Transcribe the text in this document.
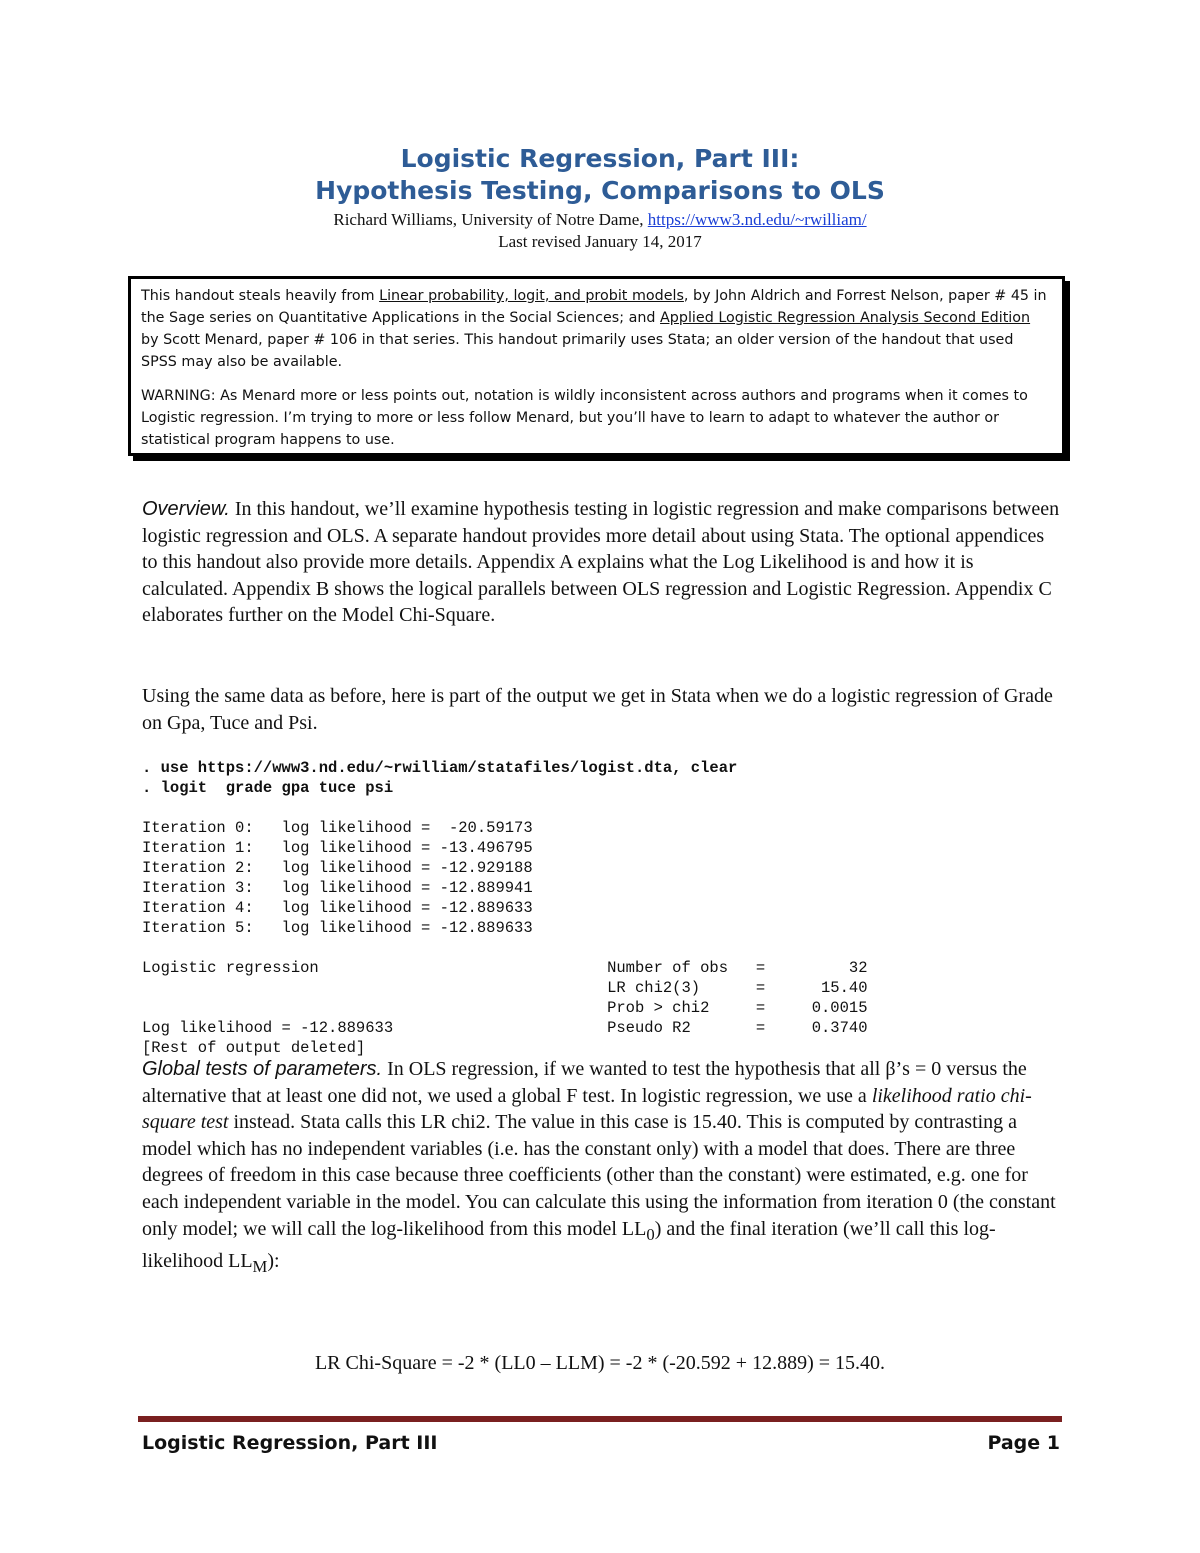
Logistic Regression, Part III:
Hypothesis Testing, Comparisons to OLS
Richard Williams, University of Notre Dame, https://www3.nd.edu/~rwilliam/
Last revised January 14, 2017

This handout steals heavily from Linear probability, logit, and probit models, by John Aldrich and Forrest Nelson, paper # 45 in the Sage series on Quantitative Applications in the Social Sciences; and Applied Logistic Regression Analysis Second Edition by Scott Menard, paper # 106 in that series. This handout primarily uses Stata; an older version of the handout that used SPSS may also be available.

WARNING: As Menard more or less points out, notation is wildly inconsistent across authors and programs when it comes to Logistic regression. I’m trying to more or less follow Menard, but you’ll have to learn to adapt to whatever the author or statistical program happens to use.

Overview. In this handout, we’ll examine hypothesis testing in logistic regression and make comparisons between logistic regression and OLS. A separate handout provides more detail about using Stata. The optional appendices to this handout also provide more details. Appendix A explains what the Log Likelihood is and how it is calculated. Appendix B shows the logical parallels between OLS regression and Logistic Regression. Appendix C elaborates further on the Model Chi-Square.

Using the same data as before, here is part of the output we get in Stata when we do a logistic regression of Grade on Gpa, Tuce and Psi.

. use https://www3.nd.edu/~rwilliam/statafiles/logist.dta, clear
. logit  grade gpa tuce psi
Iteration 0:   log likelihood =  -20.59173
Iteration 1:   log likelihood = -13.496795
Iteration 2:   log likelihood = -12.929188
Iteration 3:   log likelihood = -12.889941
Iteration 4:   log likelihood = -12.889633
Iteration 5:   log likelihood = -12.889633
Logistic regression                               Number of obs   =         32
LR chi2(3)      =      15.40
Prob > chi2     =     0.0015
Log likelihood = -12.889633                       Pseudo R2       =     0.3740
[Rest of output deleted]

Global tests of parameters. In OLS regression, if we wanted to test the hypothesis that all β’s = 0 versus the alternative that at least one did not, we used a global F test. In logistic regression, we use a likelihood ratio chi-square test instead. Stata calls this LR chi2. The value in this case is 15.40. This is computed by contrasting a model which has no independent variables (i.e. has the constant only) with a model that does. There are three degrees of freedom in this case because three coefficients (other than the constant) were estimated, e.g. one for each independent variable in the model. You can calculate this using the information from iteration 0 (the constant only model; we will call the log-likelihood from this model $LL_0$) and the final iteration (we’ll call this log-likelihood $LL_M$):

LR Chi-Square = -2 * (LL0 – LLM) = -2 * (-20.592 + 12.889) = 15.40.
Logistic Regression, Part III	Page 1
